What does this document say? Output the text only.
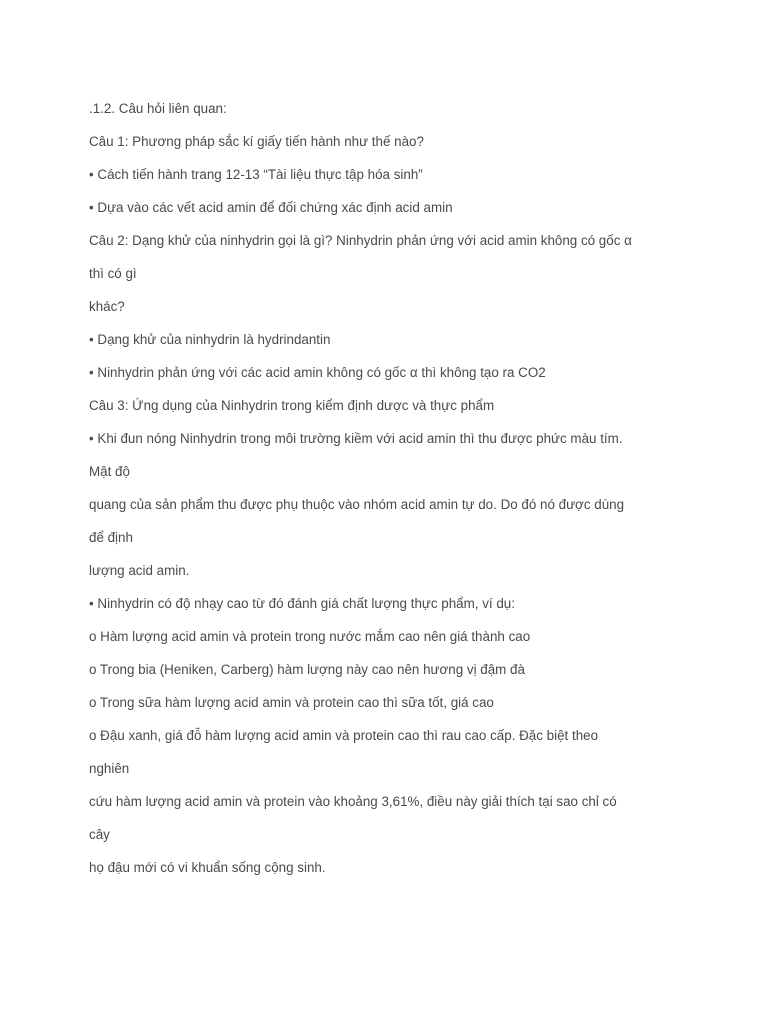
.1.2. Câu hỏi liên quan:

Câu 1: Phương pháp sắc kí giấy tiến hành như thế nào?

• Cách tiến hành trang 12-13 “Tài liệu thực tập hóa sinh”

• Dựa vào các vết acid amin để đối chứng xác định acid amin

Câu 2: Dạng khử của ninhydrin gọi là gì? Ninhydrin phản ứng với acid amin không có gốc α

thì có gì

khác?

• Dạng khử của ninhydrin là hydrindantin

• Ninhydrin phản ứng với các acid amin không có gốc α thì không tạo ra CO2

Câu 3: Ứng dụng của Ninhydrin trong kiểm định dược và thực phẩm

• Khi đun nóng Ninhydrin trong môi trường kiềm với acid amin thì thu được phức màu tím.

Mật độ

quang của sản phẩm thu được phụ thuộc vào nhóm acid amin tự do. Do đó nó được dùng

để định

lượng acid amin.

• Ninhydrin có độ nhạy cao từ đó đánh giá chất lượng thực phẩm, ví dụ:

o Hàm lượng acid amin và protein trong nước mắm cao nên giá thành cao

o Trong bia (Heniken, Carberg) hàm lượng này cao nên hương vị đậm đà

o Trong sữa hàm lượng acid amin và protein cao thì sữa tốt, giá cao

o Đậu xanh, giá đỗ hàm lượng acid amin và protein cao thì rau cao cấp. Đặc biệt theo

nghiên

cứu hàm lượng acid amin và protein vào khoảng 3,61%, điều này giải thích tại sao chỉ có

cây

họ đậu mới có vi khuẩn sống cộng sinh.
